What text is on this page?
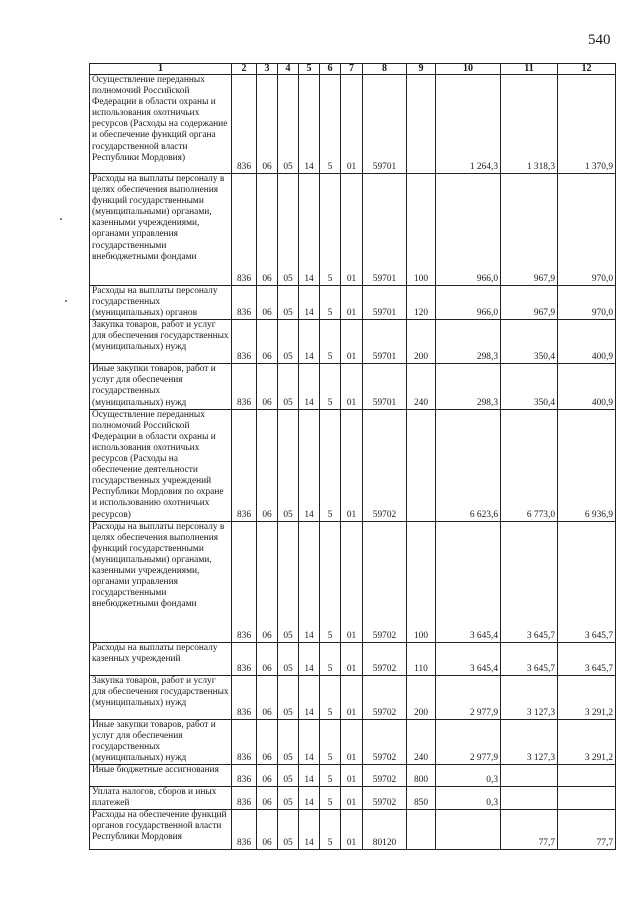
540
1	2	3	4	5	6	7	8	9	10	11	12
Осуществление переданных полномочий Российской Федерации в области охраны и использования охотничьих ресурсов (Расходы на содержание и обеспечение функций органа государственной власти Республики Мордовия)	836	06	05	14	5	01	59701		1 264,3	1 318,3	1 370,9
Расходы на выплаты персоналу в целях обеспечения выполнения функций государственными (муниципальными) органами, казенными учреждениями, органами управления государственными внебюджетными фондами	836	06	05	14	5	01	59701	100	966,0	967,9	970,0
Расходы на выплаты персоналу государственных (муниципальных) органов	836	06	05	14	5	01	59701	120	966,0	967,9	970,0
Закупка товаров, работ и услуг для обеспечения государственных (муниципальных) нужд	836	06	05	14	5	01	59701	200	298,3	350,4	400,9
Иные закупки товаров, работ и услуг для обеспечения государственных (муниципальных) нужд	836	06	05	14	5	01	59701	240	298,3	350,4	400,9
Осуществление переданных полномочий Российской Федерации в области охраны и использования охотничьих ресурсов (Расходы на обеспечение деятельности государственных учреждений Республики Мордовия по охране и использованию охотничьих ресурсов)	836	06	05	14	5	01	59702		6 623,6	6 773,0	6 936,9
Расходы на выплаты персоналу в целях обеспечения выполнения функций государственными (муниципальными) органами, казенными учреждениями, органами управления государственными внебюджетными фондами	836	06	05	14	5	01	59702	100	3 645,4	3 645,7	3 645,7
Расходы на выплаты персоналу казенных учреждений	836	06	05	14	5	01	59702	110	3 645,4	3 645,7	3 645,7
Закупка товаров, работ и услуг для обеспечения государственных (муниципальных) нужд	836	06	05	14	5	01	59702	200	2 977,9	3 127,3	3 291,2
Иные закупки товаров, работ и услуг для обеспечения государственных (муниципальных) нужд	836	06	05	14	5	01	59702	240	2 977,9	3 127,3	3 291,2
Иные бюджетные ассигнования	836	06	05	14	5	01	59702	800	0,3		
Уплата налогов, сборов и иных платежей	836	06	05	14	5	01	59702	850	0,3		
Расходы на обеспечение функций органов государственной власти Республики Мордовия	836	06	05	14	5	01	80120			77,7	77,7
